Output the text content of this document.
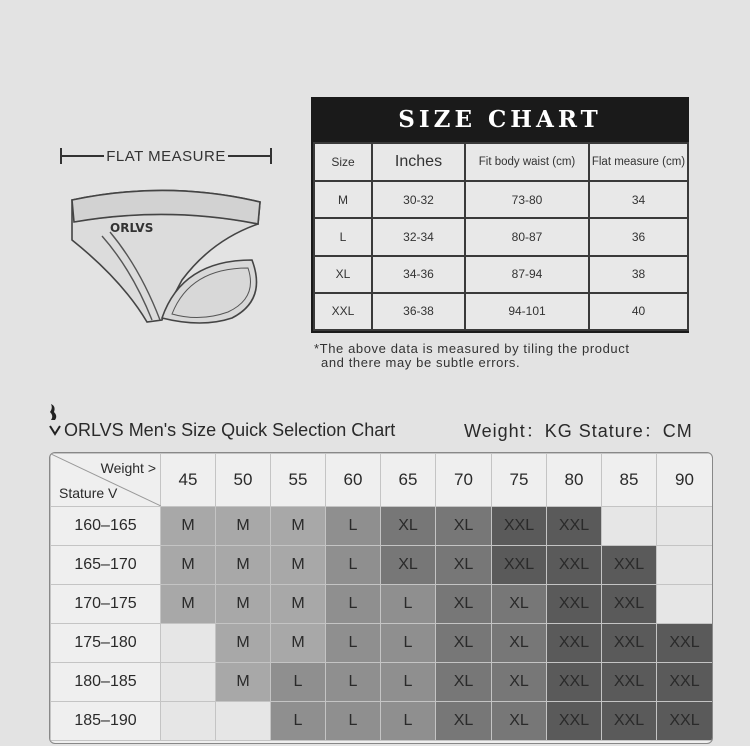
FLAT MEASURE
ORLVS
SIZE CHART
Size	Inches	Fit body waist (cm)	Flat measure (cm)
M	30-32	73-80	34
L	32-34	80-87	36
XL	34-36	87-94	38
XXL	36-38	94-101	40
*The above data is measured by tiling the product
and there may be subtle errors.
ORLVS Men's Size Quick Selection Chart	Weight：KG Stature：CM
Weight >
Stature V	45	50	55	60	65	70	75	80	85	90
160–165	M	M	M	L	XL	XL	XXL	XXL		
165–170	M	M	M	L	XL	XL	XXL	XXL	XXL	
170–175	M	M	M	L	L	XL	XL	XXL	XXL	
175–180		M	M	L	L	XL	XL	XXL	XXL	XXL
180–185		M	L	L	L	XL	XL	XXL	XXL	XXL
185–190			L	L	L	XL	XL	XXL	XXL	XXL
